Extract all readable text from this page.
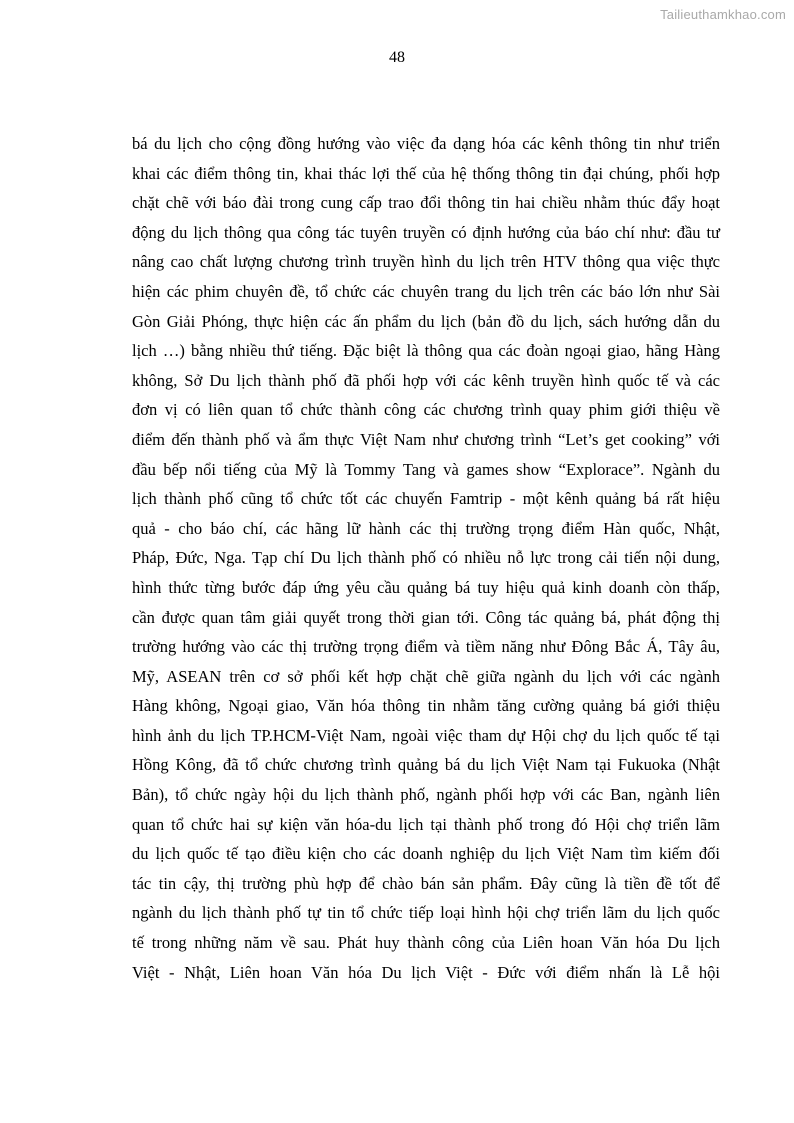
Tailieuthamkhao.com
48
bá du lịch cho cộng đồng hướng vào việc đa dạng hóa các kênh thông tin như triển
khai các điểm thông tin, khai thác lợi thế của hệ thống thông tin đại chúng, phối hợp
chặt chẽ với báo đài trong cung cấp trao đổi thông tin hai chiều nhằm thúc đẩy hoạt
động du lịch thông qua công tác tuyên truyền có định hướng của báo chí như: đầu tư
nâng cao chất lượng chương trình truyền hình du lịch trên HTV thông qua việc thực
hiện các phim chuyên đề, tổ chức các chuyên trang du lịch trên các báo lớn như Sài
Gòn Giải Phóng, thực hiện các ấn phẩm du lịch (bản đồ du lịch, sách hướng dẫn du
lịch …) bằng nhiều thứ tiếng. Đặc biệt là thông qua các đoàn ngoại giao, hãng Hàng
không, Sở Du lịch thành phố đã phối hợp với các kênh truyền hình quốc tế và các
đơn vị có liên quan tổ chức thành công các chương trình quay phim giới thiệu về
điểm đến thành phố và ẩm thực Việt Nam như chương trình “Let’s get cooking” với
đầu bếp nổi tiếng của Mỹ là Tommy Tang và games show “Explorace”. Ngành du
lịch thành phố cũng tổ chức tốt các chuyến Famtrip - một kênh quảng bá rất hiệu
quả - cho báo chí, các hãng lữ hành các thị trường trọng điểm Hàn quốc, Nhật,
Pháp, Đức, Nga. Tạp chí Du lịch thành phố có nhiều nỗ lực trong cải tiến nội dung,
hình thức từng bước đáp ứng yêu cầu quảng bá tuy hiệu quả kinh doanh còn thấp,
cần được quan tâm giải quyết trong thời gian tới. Công tác quảng bá, phát động thị
trường hướng vào các thị trường trọng điểm và tiềm năng như Đông Bắc Á, Tây âu,
Mỹ, ASEAN trên cơ sở phối kết hợp chặt chẽ giữa ngành du lịch với các ngành
Hàng không, Ngoại giao, Văn hóa thông tin nhằm tăng cường quảng bá giới thiệu
hình ảnh du lịch TP.HCM-Việt Nam, ngoài việc tham dự Hội chợ du lịch quốc tế tại
Hồng Kông, đã tổ chức chương trình quảng bá du lịch Việt Nam tại Fukuoka (Nhật
Bản), tổ chức ngày hội du lịch thành phố, ngành phối hợp với các Ban, ngành liên
quan tổ chức hai sự kiện văn hóa-du lịch tại thành phố trong đó Hội chợ triển lãm
du lịch quốc tế tạo điều kiện cho các doanh nghiệp du lịch Việt Nam tìm kiếm đối
tác tin cậy, thị trường phù hợp để chào bán sản phẩm. Đây cũng là tiền đề tốt để
ngành du lịch thành phố tự tin tổ chức tiếp loại hình hội chợ triển lãm du lịch quốc
tế trong những năm về sau. Phát huy thành công của Liên hoan Văn hóa Du lịch
Việt - Nhật, Liên hoan Văn hóa Du lịch Việt - Đức với điểm nhấn là Lễ hội
